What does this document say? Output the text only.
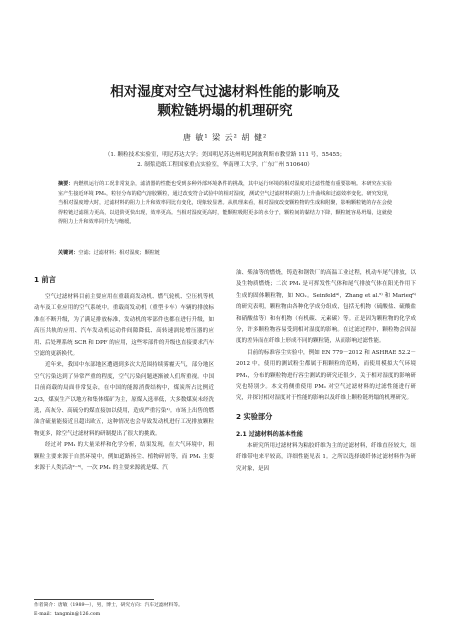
相对湿度对空气过滤材料性能的影响及
颗粒链坍塌的机理研究
唐 敏¹ 梁 云² 胡 健²
（1. 颗粒技术实验室，明尼苏达大学；美国明尼苏达州明尼阿波利斯市教堂路 111 号，55455；
2. 制浆造纸工程国家重点实验室，华南理工大学，广东广州 510640）
摘要：内燃机运行的工况非常复杂，滤清器的性能也受到多种外部环境条件的挑战，其中运行环境的相对湿度对过滤性能有重要影响。本研究在实验室产生接近环境 PM₁，粒径分布的稳气溶胶颗粒，通过改变符合试验中的相对湿度，测试空气过滤材料的阻力上升曲线和过滤效率变化。研究发现，当相对湿度增大时，过滤材料的阻力上升和效率同比有变化，现象较显著。从机理来看，相对湿度改变颗粒物的生成和附聚，影响颗粒链的存在会使得粒链过滤阻力更高，以进阶更快出现，效率更高。当相对湿度更高时，能颗粒吸附更多的水分子，颗粒间的黏结力下降，颗粒链容易坍塌，这就使得阻力上升和效率同升先与缩缓。
关键词：空滤；过滤材料；相对湿度；颗粒链
1 前言

空气过滤材料目前主要应用在重载商发动机、燃气轮机、空压机等机动车及工业应用的空气系统中。重载商发动机（重型卡车）车辆的排放标准在不断升级，为了满足排放标准，发动机的零部件也都在进行升级，如高压共轨的应用、汽车发动机运动件间隙降低、高转速涡轮增压器的应用、后处理系统 SCR 和 DPF 的应用，这些零部件的升级也直接要求汽车空滤的更新换代。

近年来，我国中东部地区遭遇到多次大范围持续雾霾天气，部分地区空气污染达到了异常严重的程度，空气污染问题逐渐被人们所重视。中国目前商载的局面非常复杂，在中国的能源消费结构中，煤炭所占比例近 2/3，煤炭生产以地方和集体煤矿为主，原煤入选率低，大多数煤炭未经洗选，高灰分、高硫分的煤直接加以使用，造成严重污染¹⁾。市场上出售的燃油含硫量能接近且超出欧五，这种情况也会导致发动机进行工况排放颗粒物更多，除空气过滤材料的研制提出了很大的挑战。

经过对 PM₁ 的大量采样和化学分析，结果发现，在大气环境中，粗颗粒主要来源于自然环境中，例如道路扬尘、植物碎屑等，而 PM₁ 主要来源于人类活动²⁻³⁾，一次 PM₁ 的主要来源就是煤、汽

油、柴油等的燃烧，铸造和钢铁厂的高温工业过程，机动车尾气排放，以及生物质燃烧；二次 PM₁ 是可挥发性气体和尾气排放气体在阳光作用下生成的固体颗粒物，如 NOₓ。Seinfeld⁴⁾，Zhang et al.⁵⁾ 和 Marieq⁶⁾ 的研究表明，颗粒物由各种化学成分组成，包括无机物（硫酸盐、硫酸盐和硝酸盐等）和有机物（有机碳、元素碳）等。正是因为颗粒物的化学成分，许多颗粒物容易受到相对湿度的影响。在过滤过程中，颗粒物会因湿度的差异而在纤维上形成不同的颗粒链，从而影响过滤性能。

目前的标准容尘实验中，例如 EN 779－2012 和 ASHRAE 52.2－2012 中，使用的测试粉尘都属于粗颗粒的范畴，而使用模拟大气环境 PM₁，分布的颗粒物进行容尘测试的研究还很少，关于相对湿度的影响研究也特别少。本文将侧重使用 PM₁ 对空气过滤材料的过滤性能进行研究，并探讨相对湿度对于性能的影响以及纤维上颗粒链坍塌的机理研究。

2 实验部分
2.1 过滤材料的基本性能

本研究所用过滤材料为粘胶纤维为主的过滤材料，纤维直径较大，组纤维带电来平较高，详细性能见表 1。之所以选择玻纤体过滤材料作为研究对象，是因

作者简介：唐敏（1989—），男，博士，研究方向：汽车过滤材料等。
E-mail：tangmin@126.com
